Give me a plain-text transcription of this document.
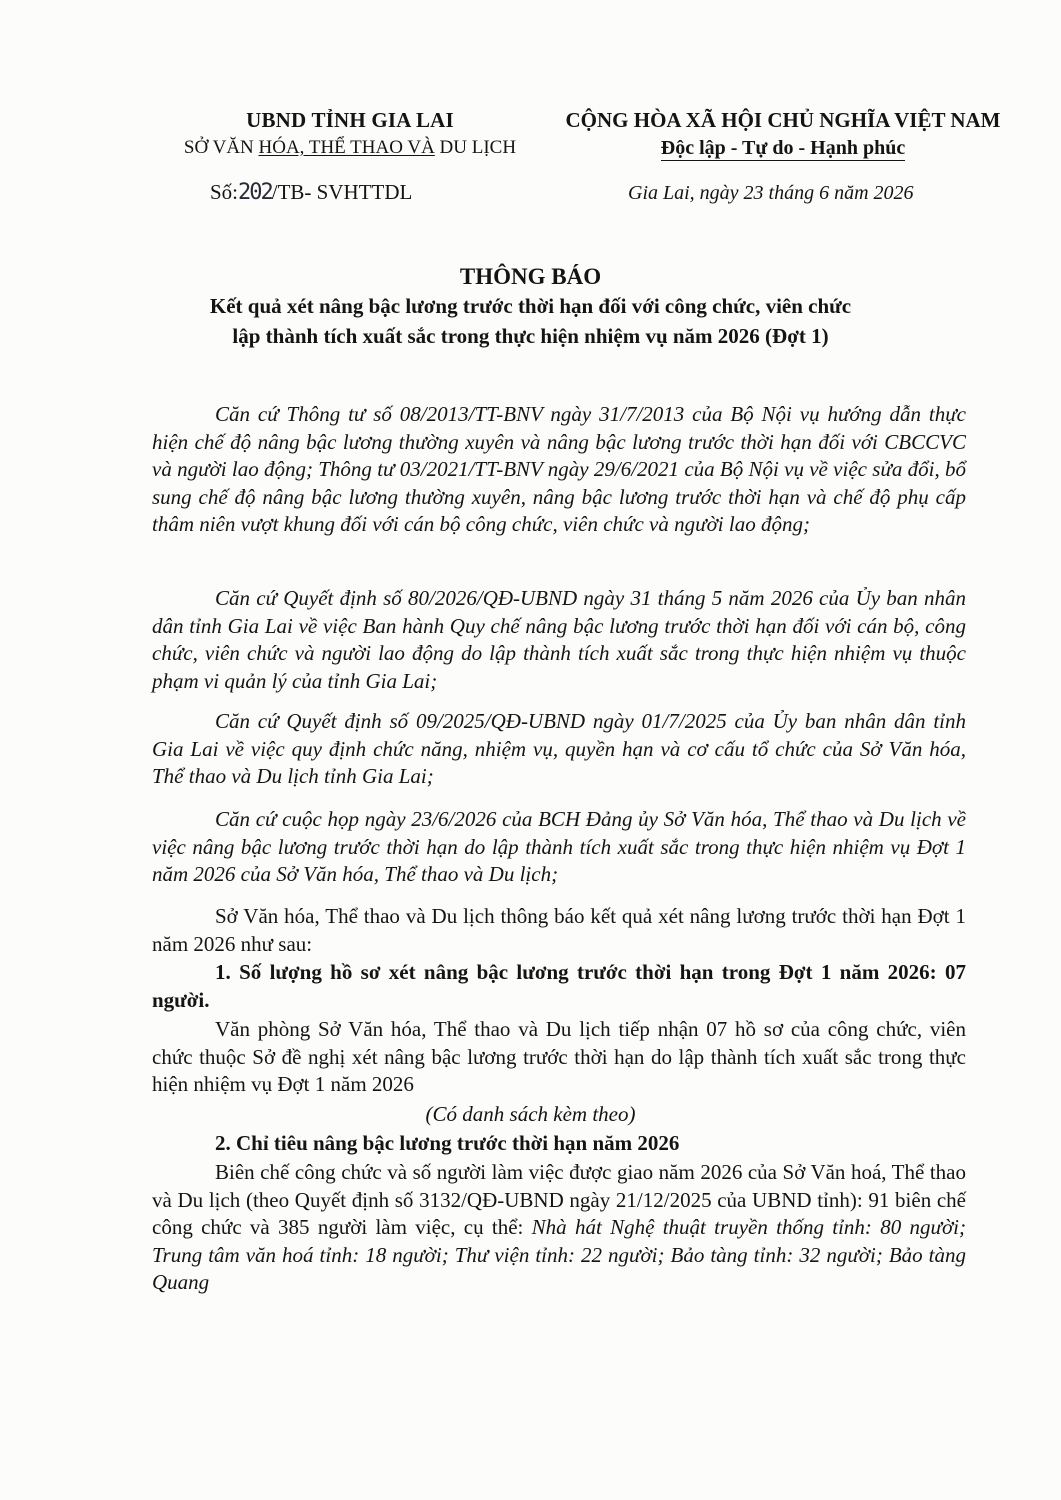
UBND TỈNH GIA LAI
SỞ VĂN HÓA, THỂ THAO VÀ DU LỊCH
CỘNG HÒA XÃ HỘI CHỦ NGHĨA VIỆT NAM
Độc lập - Tự do - Hạnh phúc
Số:202/TB- SVHTTDL	Gia Lai, ngày 23 tháng 6 năm 2026
THÔNG BÁO
Kết quả xét nâng bậc lương trước thời hạn đối với công chức, viên chức
lập thành tích xuất sắc trong thực hiện nhiệm vụ năm 2026 (Đợt 1)
Căn cứ Thông tư số 08/2013/TT-BNV ngày 31/7/2013 của Bộ Nội vụ hướng dẫn thực hiện chế độ nâng bậc lương thường xuyên và nâng bậc lương trước thời hạn đối với CBCCVC và người lao động; Thông tư 03/2021/TT-BNV ngày 29/6/2021 của Bộ Nội vụ về việc sửa đổi, bổ sung chế độ nâng bậc lương thường xuyên, nâng bậc lương trước thời hạn và chế độ phụ cấp thâm niên vượt khung đối với cán bộ công chức, viên chức và người lao động;
Căn cứ Quyết định số 80/2026/QĐ-UBND ngày 31 tháng 5 năm 2026 của Ủy ban nhân dân tỉnh Gia Lai về việc Ban hành Quy chế nâng bậc lương trước thời hạn đối với cán bộ, công chức, viên chức và người lao động do lập thành tích xuất sắc trong thực hiện nhiệm vụ thuộc phạm vi quản lý của tỉnh Gia Lai;
Căn cứ Quyết định số 09/2025/QĐ-UBND ngày 01/7/2025 của Ủy ban nhân dân tỉnh Gia Lai về việc quy định chức năng, nhiệm vụ, quyền hạn và cơ cấu tổ chức của Sở Văn hóa, Thể thao và Du lịch tỉnh Gia Lai;
Căn cứ cuộc họp ngày 23/6/2026 của BCH Đảng ủy Sở Văn hóa, Thể thao và Du lịch về việc nâng bậc lương trước thời hạn do lập thành tích xuất sắc trong thực hiện nhiệm vụ Đợt 1 năm 2026 của Sở Văn hóa, Thể thao và Du lịch;
Sở Văn hóa, Thể thao và Du lịch thông báo kết quả xét nâng lương trước thời hạn Đợt 1 năm 2026 như sau:
1. Số lượng hồ sơ xét nâng bậc lương trước thời hạn trong Đợt 1 năm 2026: 07 người.
Văn phòng Sở Văn hóa, Thể thao và Du lịch tiếp nhận 07 hồ sơ của công chức, viên chức thuộc Sở đề nghị xét nâng bậc lương trước thời hạn do lập thành tích xuất sắc trong thực hiện nhiệm vụ Đợt 1 năm 2026
(Có danh sách kèm theo)
2. Chỉ tiêu nâng bậc lương trước thời hạn năm 2026
Biên chế công chức và số người làm việc được giao năm 2026 của Sở Văn hoá, Thể thao và Du lịch (theo Quyết định số 3132/QĐ-UBND ngày 21/12/2025 của UBND tỉnh): 91 biên chế công chức và 385 người làm việc, cụ thể: Nhà hát Nghệ thuật truyền thống tỉnh: 80 người; Trung tâm văn hoá tỉnh: 18 người; Thư viện tỉnh: 22 người; Bảo tàng tỉnh: 32 người; Bảo tàng Quang
